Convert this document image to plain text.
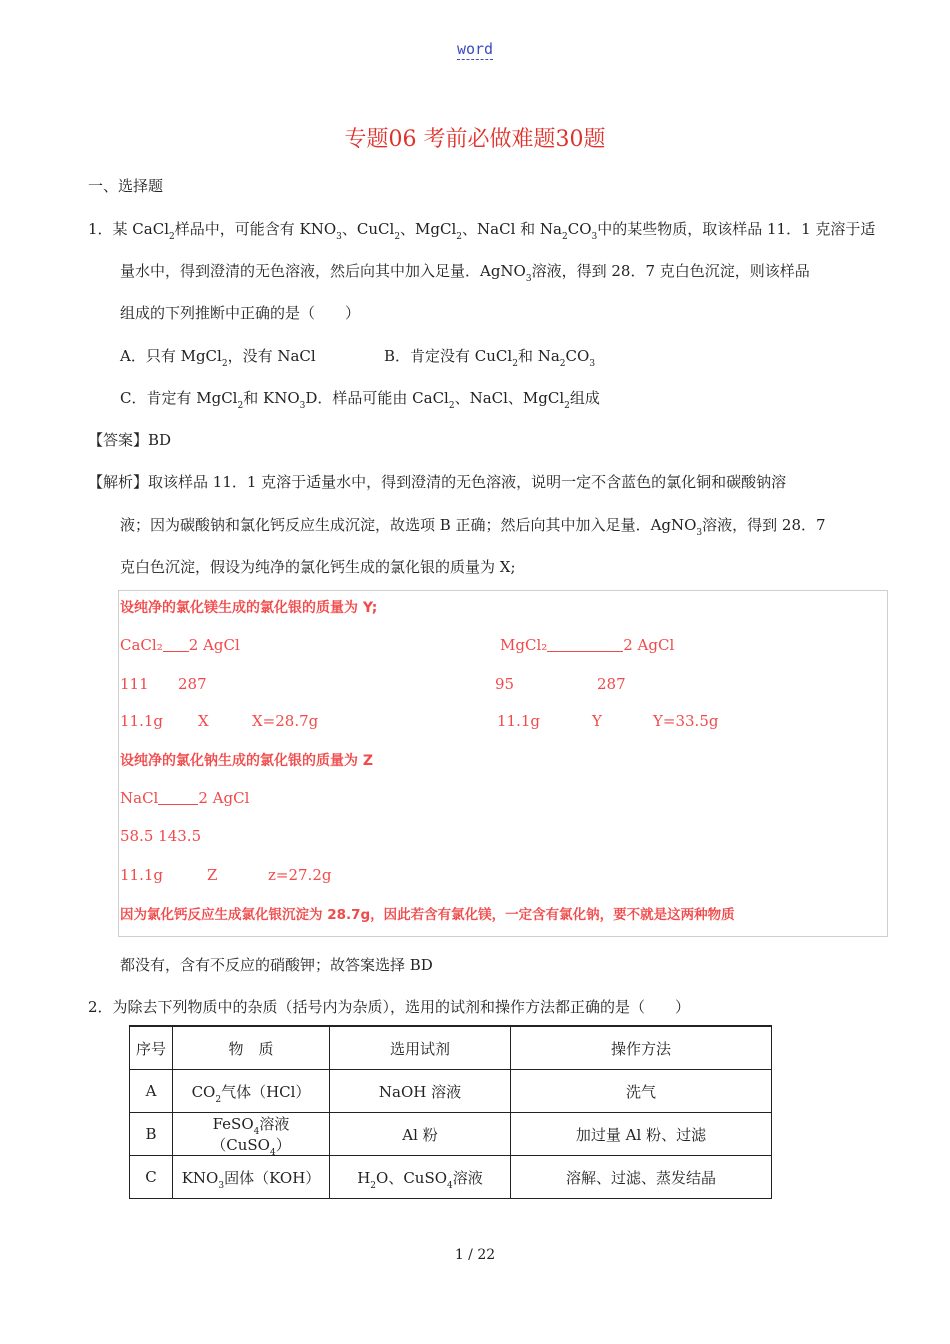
word
专题06 考前必做难题30题
一、选择题
1．某 CaCl$_2$样品中，可能含有 $KNO_3$、CuCl$_2$、MgCl$_2$、NaCl 和 $Na_2CO_3$中的某些物质，取该样品 11．1 克溶于适
量水中，得到澄清的无色溶液，然后向其中加入足量．AgNO$_3$溶液，得到 28．7 克白色沉淀，则该样品
组成的下列推断中正确的是（　　）
A．只有 MgCl$_2$，没有 NaCl	B．肯定没有 CuCl$_2$和 $Na_2CO_3$
C．肯定有 MgCl$_2$和 $KNO_3D$．样品可能由 CaCl$_2$、NaCl、MgCl$_2$组成
【答案】BD
【解析】取该样品 11．1 克溶于适量水中，得到澄清的无色溶液，说明一定不含蓝色的氯化铜和碳酸钠溶
液；因为碳酸钠和氯化钙反应生成沉淀，故选项 B 正确；然后向其中加入足量．AgNO$_3$溶液，得到 28．7
克白色沉淀，假设为纯净的氯化钙生成的氯化银的质量为 X;
设纯净的氯化镁生成的氯化银的质量为 Y;
CaCl₂ 2 AgCl	MgCl₂	2 AgCl
111 287	95	287
11.1g X	X=28.7g	11.1g	Y	Y=33.5g
设纯净的氯化钠生成的氯化银的质量为 Z
NaCl	2 AgCl
58.5 143.5
11.1g	Z	z=27.2g
因为氯化钙反应生成氯化银沉淀为 28.7g，因此若含有氯化镁，一定含有氯化钠，要不就是这两种物质
都没有，含有不反应的硝酸钾；故答案选择 BD
2．为除去下列物质中的杂质（括号内为杂质），选用的试剂和操作方法都正确的是（　　）
序号	物　质	选用试剂	操作方法
A	$CO_2$气体（HCl）	NaOH 溶液	洗气
B	FeSO$_4$溶液（CuSO$_4$）	Al 粉	加过量 Al 粉、过滤
C	$KNO_3$固体（KOH）	$H_2O$、CuSO$_4$溶液	溶解、过滤、蒸发结晶
1 / 22
